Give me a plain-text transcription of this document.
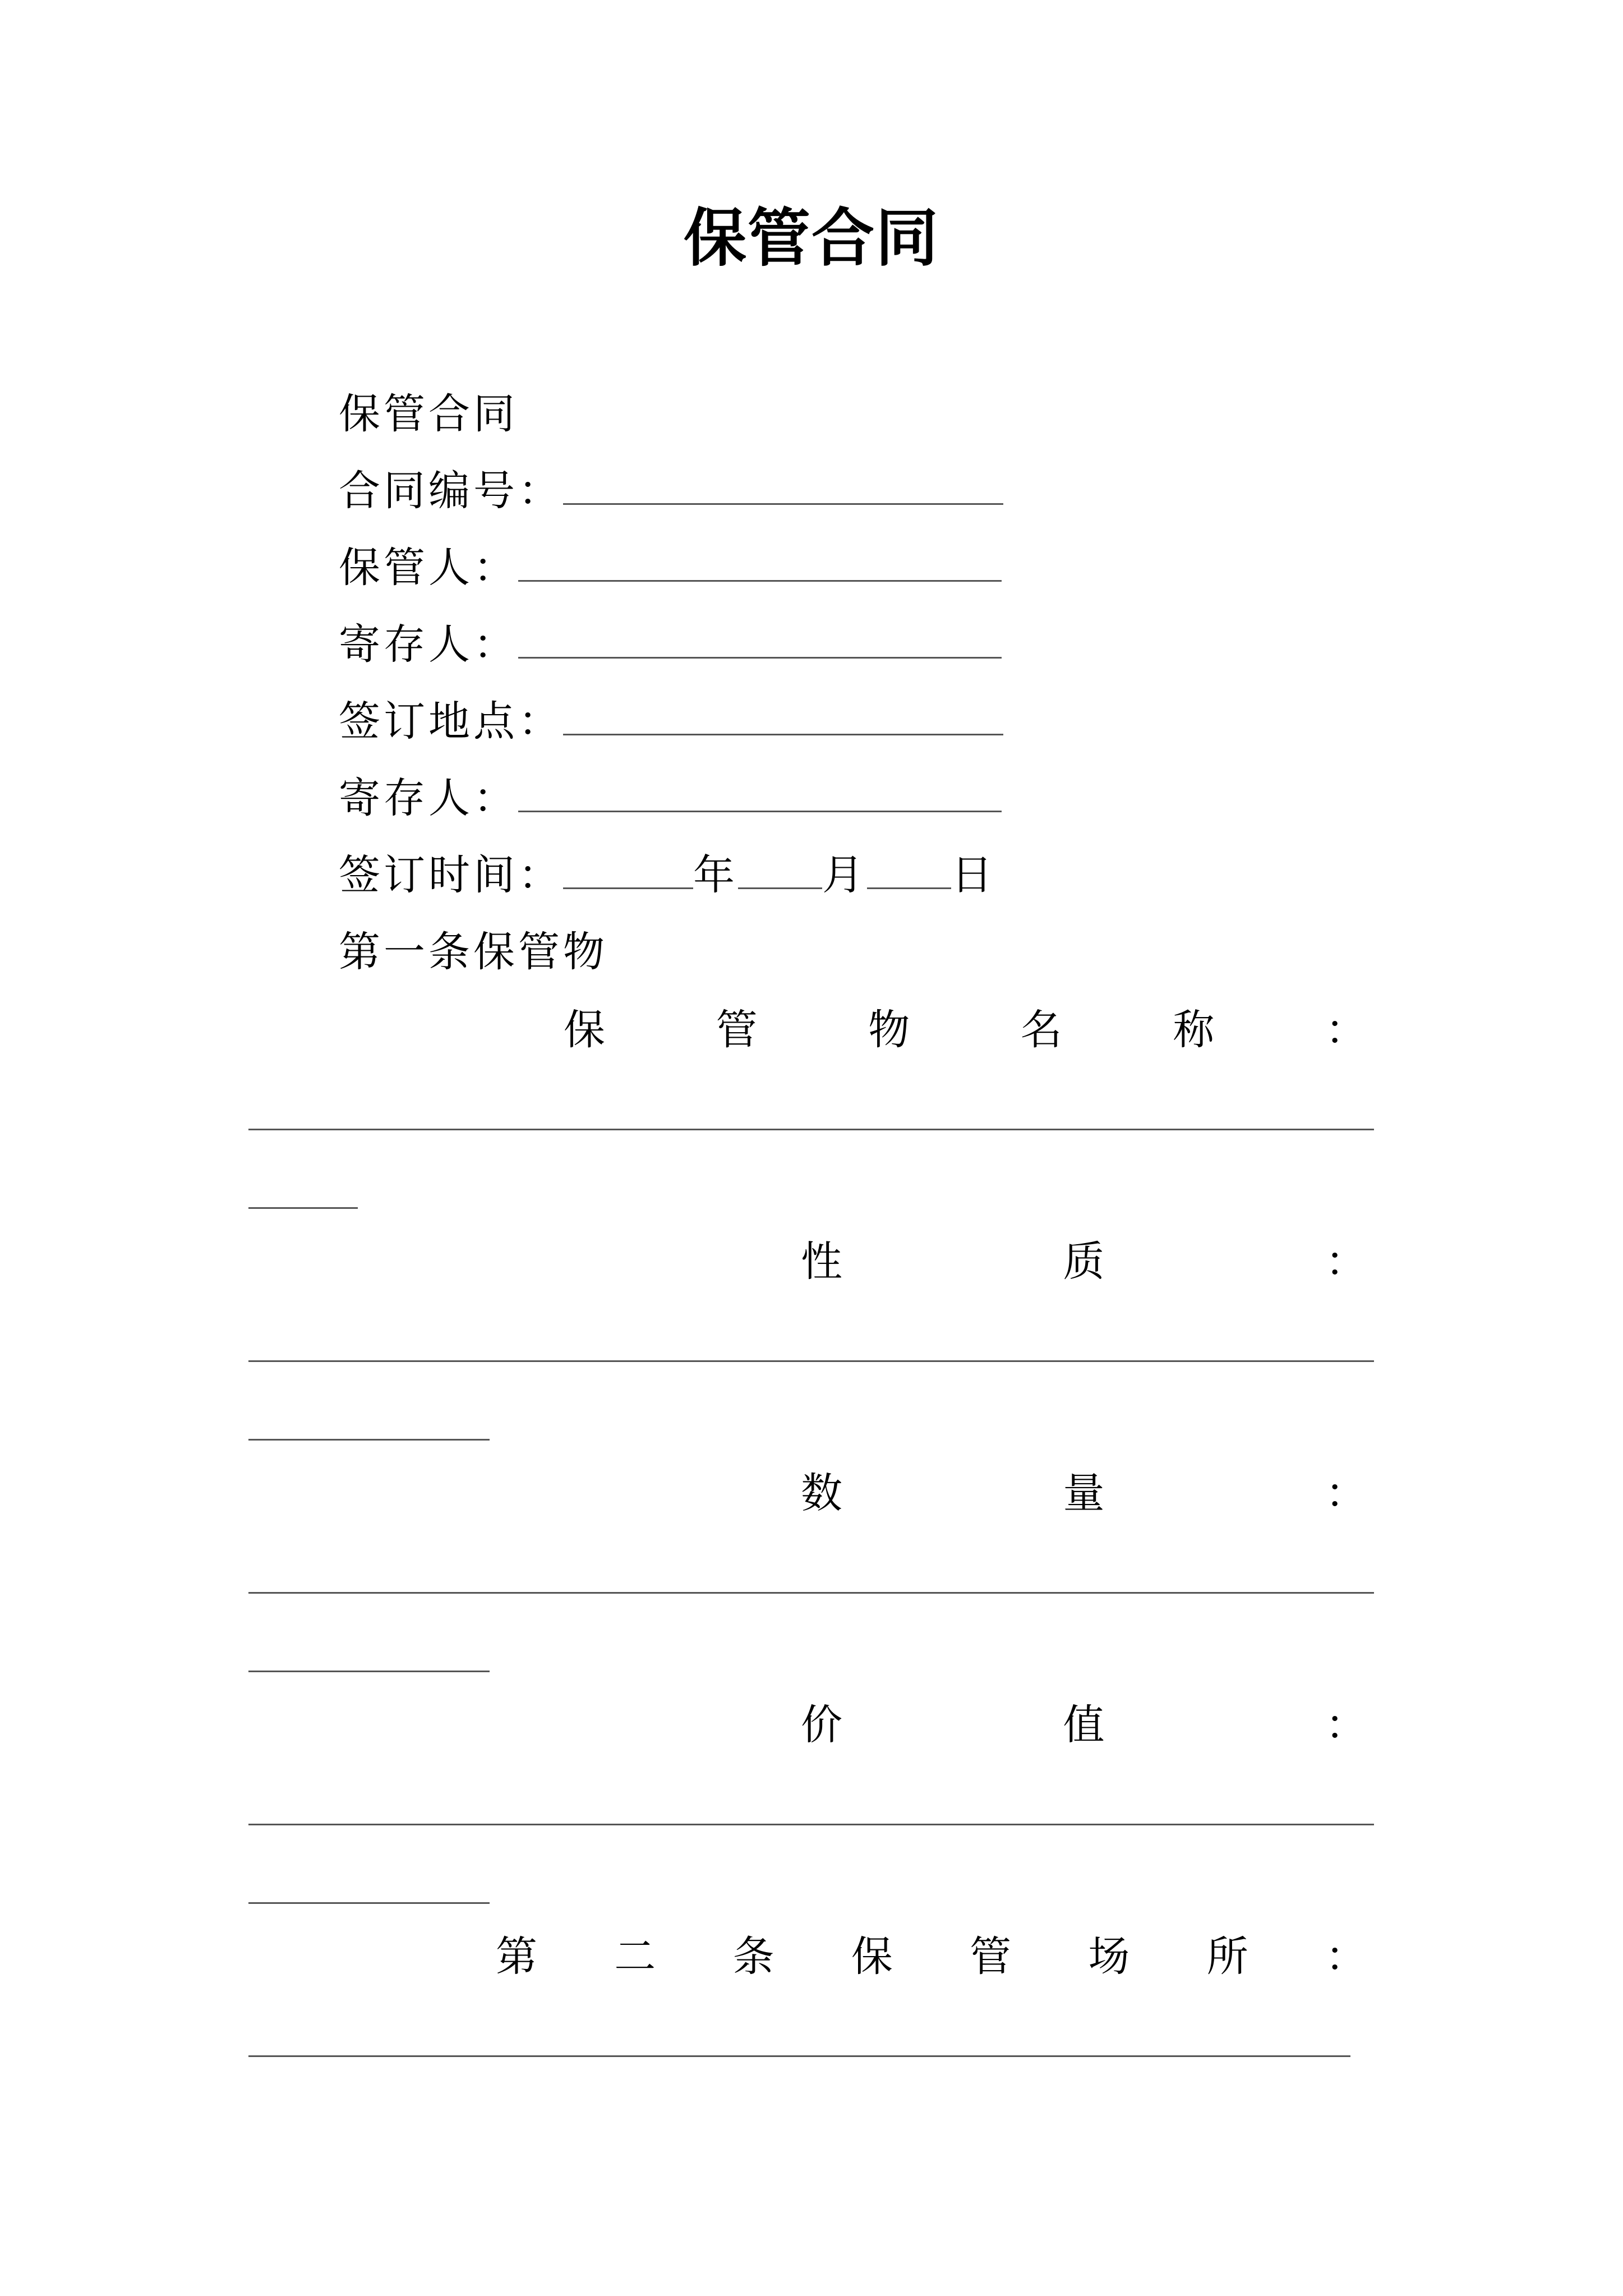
保管合同
保管合同
合同编号：
保管人：
寄存人：
签订地点：
寄存人：
签订时间：	年 月 日
第一条保管物
保	管	物	名	称	：
性	质	：
数	量	：
价	值	：
第 二 条 保 管 场 所 ：
